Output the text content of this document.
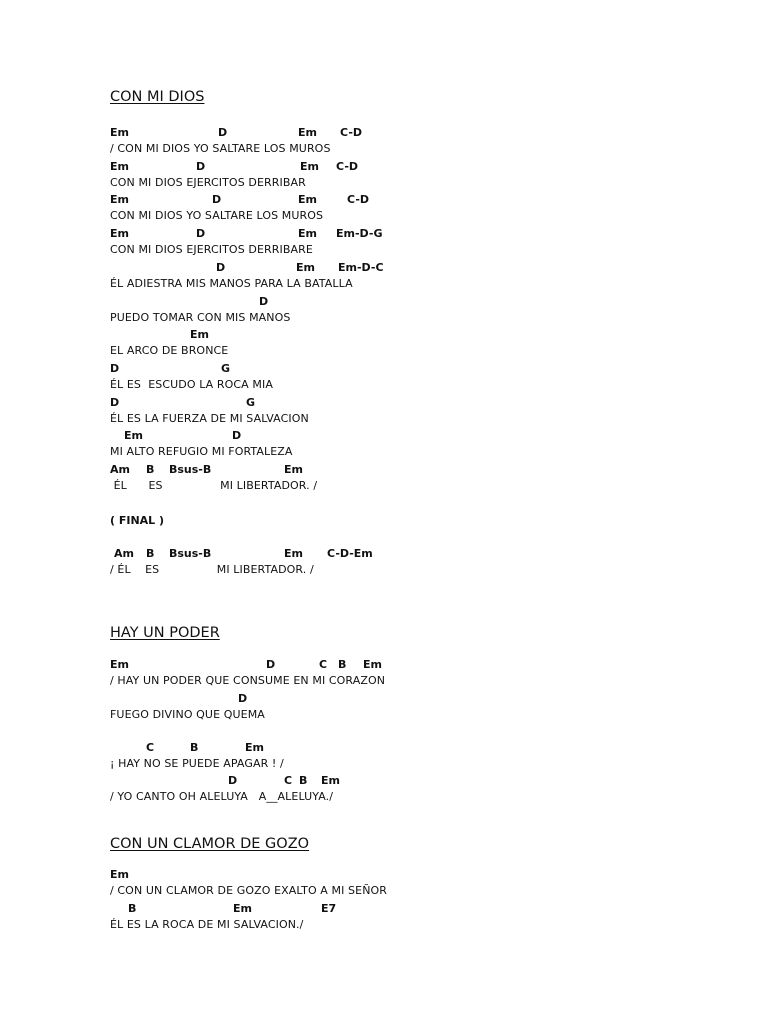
CON MI DIOS
Em	D	Em C-D
/ CON MI DIOS YO SALTARE LOS MUROS
Em	D	Em C-D
CON MI DIOS EJERCITOS DERRIBAR
Em	D	Em	C-D
CON MI DIOS YO SALTARE LOS MUROS
Em	D	Em Em-D-G
CON MI DIOS EJERCITOS DERRIBARE
D	Em Em-D-C
ÉL ADIESTRA MIS MANOS PARA LA BATALLA
D
PUEDO TOMAR CON MIS MANOS
Em
EL ARCO DE BRONCE
D	G
ÉL ES  ESCUDO LA ROCA MIA
D	G
ÉL ES LA FUERZA DE MI SALVACION
Em	D
MI ALTO REFUGIO MI FORTALEZA
Am B Bsus-B	Em
ÉL      ES                MI LIBERTADOR. /
( FINAL )
Am B Bsus-B	Em C-D-Em
/ ÉL    ES                MI LIBERTADOR. /
HAY UN PODER
Em	D	C B Em
/ HAY UN PODER QUE CONSUME EN MI CORAZON
D
FUEGO DIVINO QUE QUEMA
C	B	Em
¡ HAY NO SE PUEDE APAGAR ! /
D	C B Em
/ YO CANTO OH ALELUYA   A__ALELUYA./
CON UN CLAMOR DE GOZO
Em
/ CON UN CLAMOR DE GOZO EXALTO A MI SEÑOR
B	Em	E7
ÉL ES LA ROCA DE MI SALVACION./
